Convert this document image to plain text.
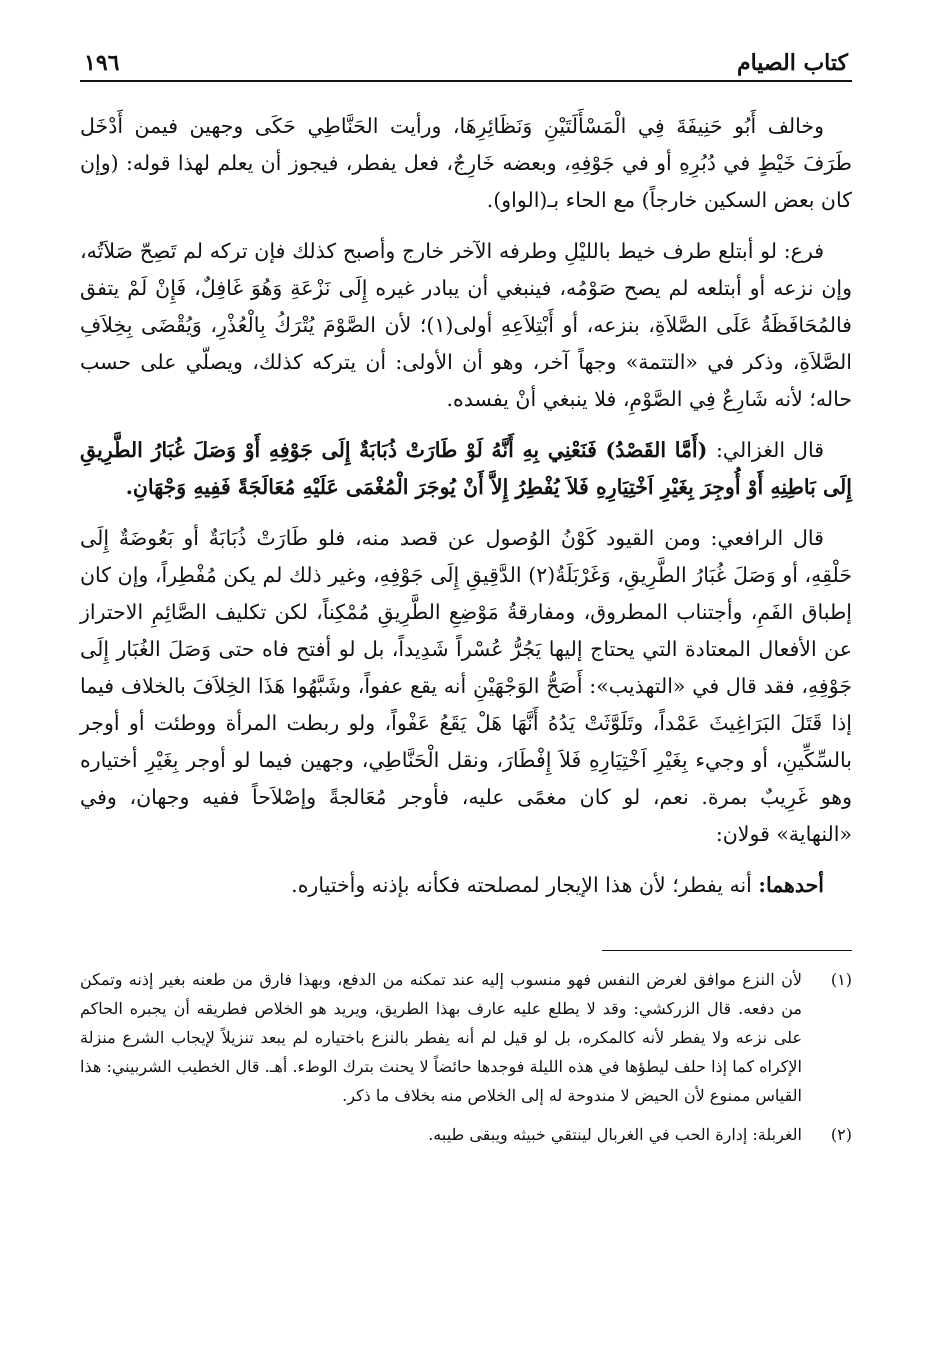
كتاب الصيام
١٩٦

وخالف أَبُو حَنِيفَةَ فِي الْمَسْأَلَتَيْنِ وَنَظَائِرِهَا، ورأيت الحَنَّاطِي حَكَى وجهين فيمن أَدْخَل طَرَفَ خَيْطٍ في دُبُرِهِ أو في جَوْفِهِ، وبعضه خَارِجٌ، فعل يفطر، فيجوز أن يعلم لهذا قوله: (وإن كان بعض السكين خارجاً) مع الحاء بـ(الواو).

فرع: لو أبتلع طرف خيط بالليْلِ وطرفه الآخر خارج وأصبح كذلك فإن تركه لم تَصِحّ صَلاَتُه، وإن نزعه أو أبتلعه لم يصح صَوْمُه، فينبغي أن يبادر غيره إِلَى نَزْعَةِ وَهُوَ غَافِلٌ، فَإِنْ لَمْ يتفق فالمُحَافَظَةُ عَلَى الصَّلاَةِ، بنزعه، أو أَبْتِلاَعِهِ أولى(١)؛ لأن الصَّوْمَ يُتْرَكُ بِالْعُذْرِ، وَيُقْضَى بِخِلاَفِ الصَّلاَةِ، وذكر في «التتمة» وجهاً آخر، وهو أن الأولى: أن يتركه كذلك، ويصلّي على حسب حاله؛ لأنه شَارِعٌ فِي الصَّوْمِ، فلا ينبغي أنْ يفسده.

قال الغزالي: (أَمَّا القَصْدُ) فَنَعْنِي بِهِ أَنَّهُ لَوْ طَارَتْ ذُبَابَةٌ إِلَى جَوْفِهِ أَوْ وَصَلَ غُبَارُ الطَّرِيقِ إِلَى بَاطِنِهِ أَوْ أُوجِرَ بِغَيْرِ اَخْتِيَارِهِ فَلاَ يُفْطِرُ إِلاَّ أَنْ يُوجَرَ الْمُغْمَى عَلَيْهِ مُعَالَجَةً فَفِيهِ وَجْهَانِ.

قال الرافعي: ومن القيود كَوْنُ الوُصول عن قصد منه، فلو طَارَتْ ذُبَابَةٌ أو بَعُوضَةٌ إِلَى حَلْقِهِ، أو وَصَلَ غُبَارُ الطَّرِيقِ، وَغَرْبَلَةُ(٢) الدَّقِيقِ إِلَى جَوْفِهِ، وغير ذلك لم يكن مُفْطِراً، وإن كان إطباق الفَمِ، وأجتناب المطروق، ومفارقةُ مَوْضِعِ الطَّرِيقِ مُمْكِناً، لكن تكليف الصَّائِمِ الاحتراز عن الأفعال المعتادة التي يحتاج إليها يَجُرُّ عُسْراً شَدِيداً، بل لو أفتح فاه حتى وَصَلَ الغُبَار إِلَى جَوْفِهِ، فقد قال في «التهذيب»: أَصَحُّ الوَجْهَيْنِ أنه يقع عفواً، وشَبَّهُوا هَذَا الخِلاَفَ بالخلاف فيما إذا قَتَلَ البَرَاغِيثَ عَمْداً، وتَلَوَّثَتْ يَدُهُ أَنَّهَا هَلْ يَقَعُ عَفْواً، ولو ربطت المرأة ووطئت أو أوجر بالسِّكِّينِ، أو وجيء بِغَيْرِ اَخْتِيَارِهِ فَلاَ إِفْطَارَ، ونقل الْحَنَّاطِي، وجهين فيما لو أوجر بِغَيْرِ أختياره وهو غَرِيبٌ بمرة. نعم، لو كان مغمًى عليه، فأوجر مُعَالجةً وإصْلاَحاً ففيه وجهان، وفي «النهاية» قولان:

أحدهما: أنه يفطر؛ لأن هذا الإيجار لمصلحته فكأنه بإذنه وأختياره.

(١)
لأن النزع موافق لغرض النفس فهو منسوب إليه عند تمكنه من الدفع، وبهذا فارق من طعنه بغير إذنه وتمكن من دفعه. قال الزركشي: وقد لا يطلع عليه عارف بهذا الطريق، ويريد هو الخلاص فطريقه أن يجبره الحاكم على نزعه ولا يفطر لأنه كالمكره، بل لو قيل لم أنه يفطر بالنزع باختياره لم يبعد تنزيلاً لإيجاب الشرع منزلة الإكراه كما إذا حلف ليطؤها في هذه الليلة فوجدها حائضاً لا يحنث بترك الوطء. أهـ. قال الخطيب الشربيني: هذا القياس ممنوع لأن الحيض لا مندوحة له إلى الخلاص منه بخلاف ما ذكر.
(٢)
الغربلة: إدارة الحب في الغربال لينتقي خبيثه ويبقى طيبه.
